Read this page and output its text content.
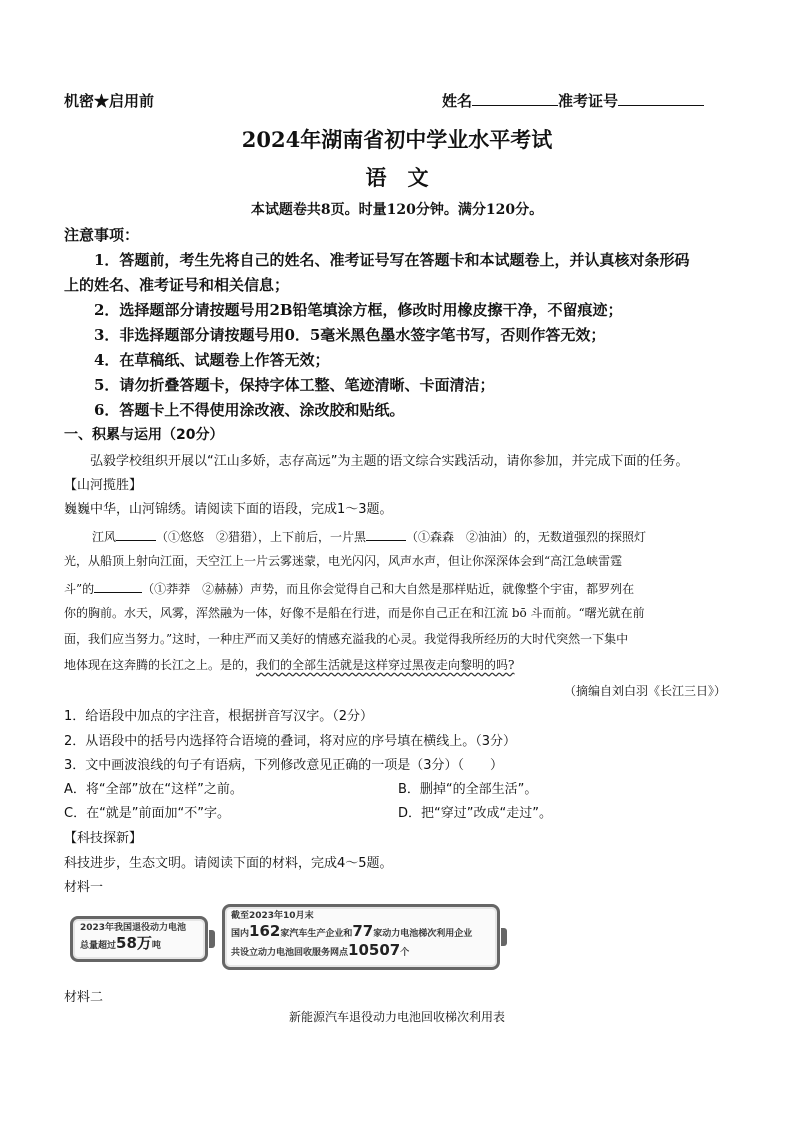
机密★启用前	姓名	准考证号
2024年湖南省初中学业水平考试
语　文
本试题卷共8页。时量120分钟。满分120分。
注意事项：
1．答题前，考生先将自己的姓名、准考证号写在答题卡和本试题卷上，并认真核对条形码
上的姓名、准考证号和相关信息；
2．选择题部分请按题号用2B铅笔填涂方框，修改时用橡皮擦干净，不留痕迹；
3．非选择题部分请按题号用0．5毫米黑色墨水签字笔书写，否则作答无效；
4．在草稿纸、试题卷上作答无效；
5．请勿折叠答题卡，保持字体工整、笔迹清晰、卡面清洁；
6．答题卡上不得使用涂改液、涂改胶和贴纸。
一、积累与运用（20分）
弘毅学校组织开展以“江山多娇，志存高远”为主题的语文综合实践活动，请你参加，并完成下面的任务。
【山河揽胜】
巍巍中华，山河锦绣。请阅读下面的语段，完成1～3题。
江风	（①悠悠　②猎猎），上下前后，一片黑	（①森森　②油油）的，无数道强烈的探照灯
光，从船顶上射向江面，天空江上一片云雾迷蒙，电光闪闪，风声水声，但让你深深体会到“高江急峡雷霆
斗”的	（①莽莽　②赫赫）声势，而且你会觉得自己和大自然是那样贴近，就像整个宇宙，都罗列在
你的胸前。水天，风雾，浑然融为一体，好像不是船在行进，而是你自己正在和江流 bō 斗而前。“曙光就在前
面，我们应当努力。”这时，一种庄严而又美好的情感充溢我的心灵。我觉得我所经历的大时代突然一下集中
地体现在这奔腾的长江之上。是的，我们的全部生活就是这样穿过黑夜走向黎明的吗?
（摘编自刘白羽《长江三日》）
1．给语段中加点的字注音，根据拼音写汉字。（2分）
2．从语段中的括号内选择符合语境的叠词，将对应的序号填在横线上。（3分）
3．文中画波浪线的句子有语病，下列修改意见正确的一项是（3分）（　　）
A．将“全部”放在“这样”之前。	B．删掉“的全部生活”。
C．在“就是”前面加“不”字。	D．把“穿过”改成“走过”。
【科技探新】
科技进步，生态文明。请阅读下面的材料，完成4～5题。
材料一
2023年我国退役动力电池
总量超过58万吨
截至2023年10月末
国内162家汽车生产企业和77家动力电池梯次利用企业
共设立动力电池回收服务网点10507个
材料二
新能源汽车退役动力电池回收梯次利用表
